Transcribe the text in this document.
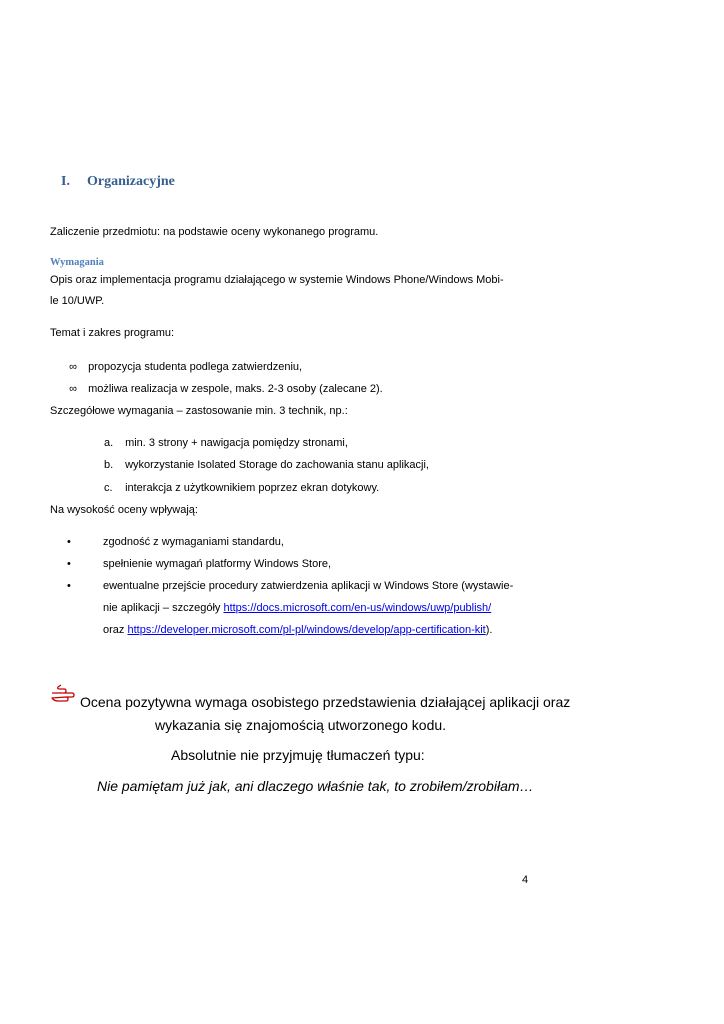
I. Organizacyjne
Zaliczenie przedmiotu: na podstawie oceny wykonanego programu.
Wymagania
Opis oraz implementacja programu działającego w systemie Windows Phone/Windows Mobi-
le 10/UWP.
Temat i zakres programu:
∞ propozycja studenta podlega zatwierdzeniu,
∞ możliwa realizacja w zespole, maks. 2-3 osoby (zalecane 2).
Szczegółowe wymagania – zastosowanie min. 3 technik, np.:
a. min. 3 strony + nawigacja pomiędzy stronami,
b. wykorzystanie Isolated Storage do zachowania stanu aplikacji,
c. interakcja z użytkownikiem poprzez ekran dotykowy.
Na wysokość oceny wpływają:
•	zgodność z wymaganiami standardu,
•	spełnienie wymagań platformy Windows Store,
•	ewentualne przejście procedury zatwierdzenia aplikacji w Windows Store (wystawie-
nie aplikacji – szczegóły https://docs.microsoft.com/en-us/windows/uwp/publish/
oraz https://developer.microsoft.com/pl-pl/windows/develop/app-certification-kit).
Ocena pozytywna wymaga osobistego przedstawienia działającej aplikacji oraz
wykazania się znajomością utworzonego kodu.
Absolutnie nie przyjmuję tłumaczeń typu:
Nie pamiętam już jak, ani dlaczego właśnie tak, to zrobiłem/zrobiłam…
4
